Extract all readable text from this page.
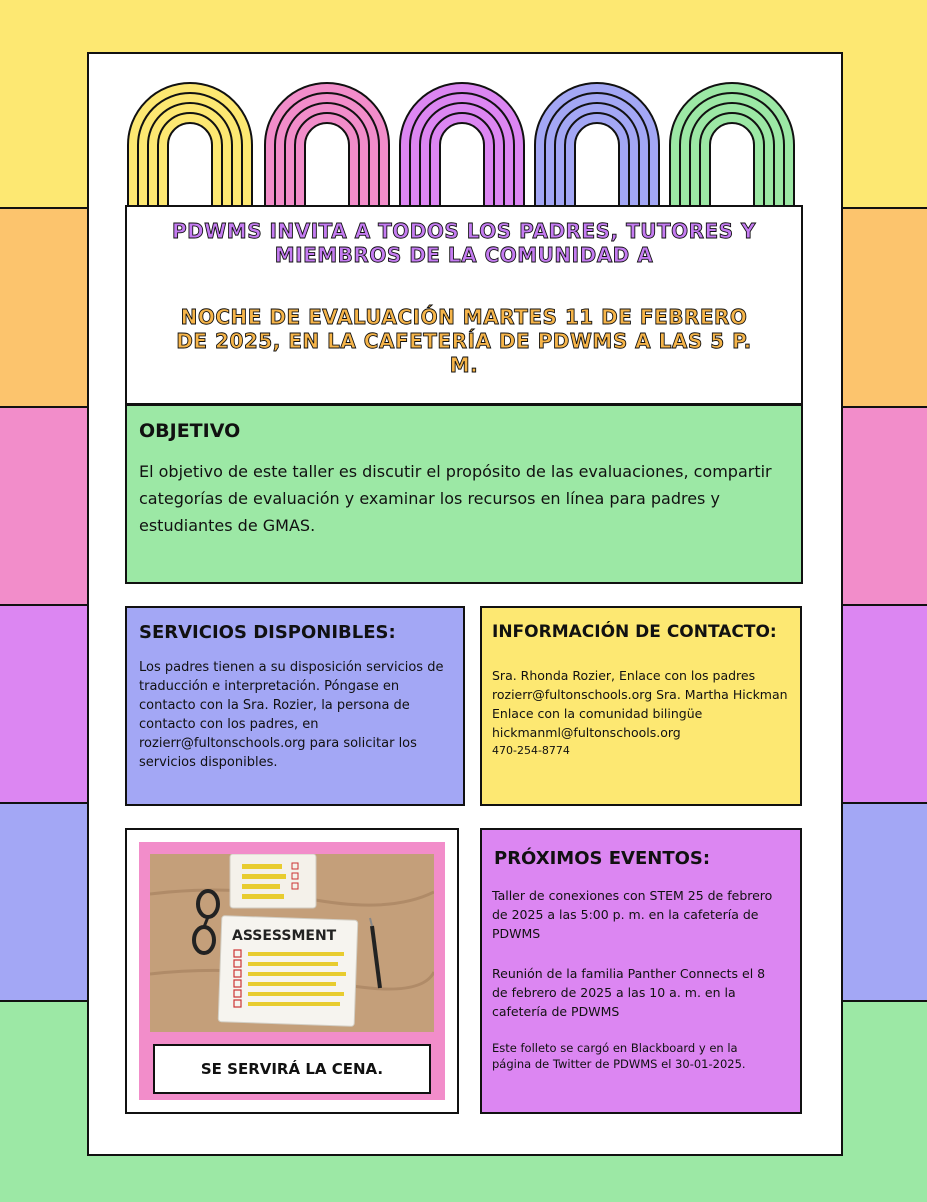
PDWMS INVITA A TODOS LOS PADRES, TUTORES Y MIEMBROS DE LA COMUNIDAD A

NOCHE DE EVALUACIÓN MARTES 11 DE FEBRERO DE 2025, EN LA CAFETERÍA DE PDWMS A LAS 5 P. M.

OBJETIVO

El objetivo de este taller es discutir el propósito de las evaluaciones, compartir categorías de evaluación y examinar los recursos en línea para padres y estudiantes de GMAS.

SERVICIOS DISPONIBLES:

Los padres tienen a su disposición servicios de traducción e interpretación. Póngase en contacto con la Sra. Rozier, la persona de contacto con los padres, en rozierr@fultonschools.org para solicitar los servicios disponibles.

INFORMACIÓN DE CONTACTO:

Sra. Rhonda Rozier, Enlace con los padres rozierr@fultonschools.org Sra. Martha Hickman Enlace con la comunidad bilingüe hickmanml@fultonschools.org

470-254-8774

ASSESSMENT
SE SERVIRÁ LA CENA.

PRÓXIMOS EVENTOS:

Taller de conexiones con STEM 25 de febrero de 2025 a las 5:00 p. m. en la cafetería de PDWMS

Reunión de la familia Panther Connects el 8 de febrero de 2025 a las 10 a. m. en la cafetería de PDWMS

Este folleto se cargó en Blackboard y en la página de Twitter de PDWMS el 30-01-2025.
